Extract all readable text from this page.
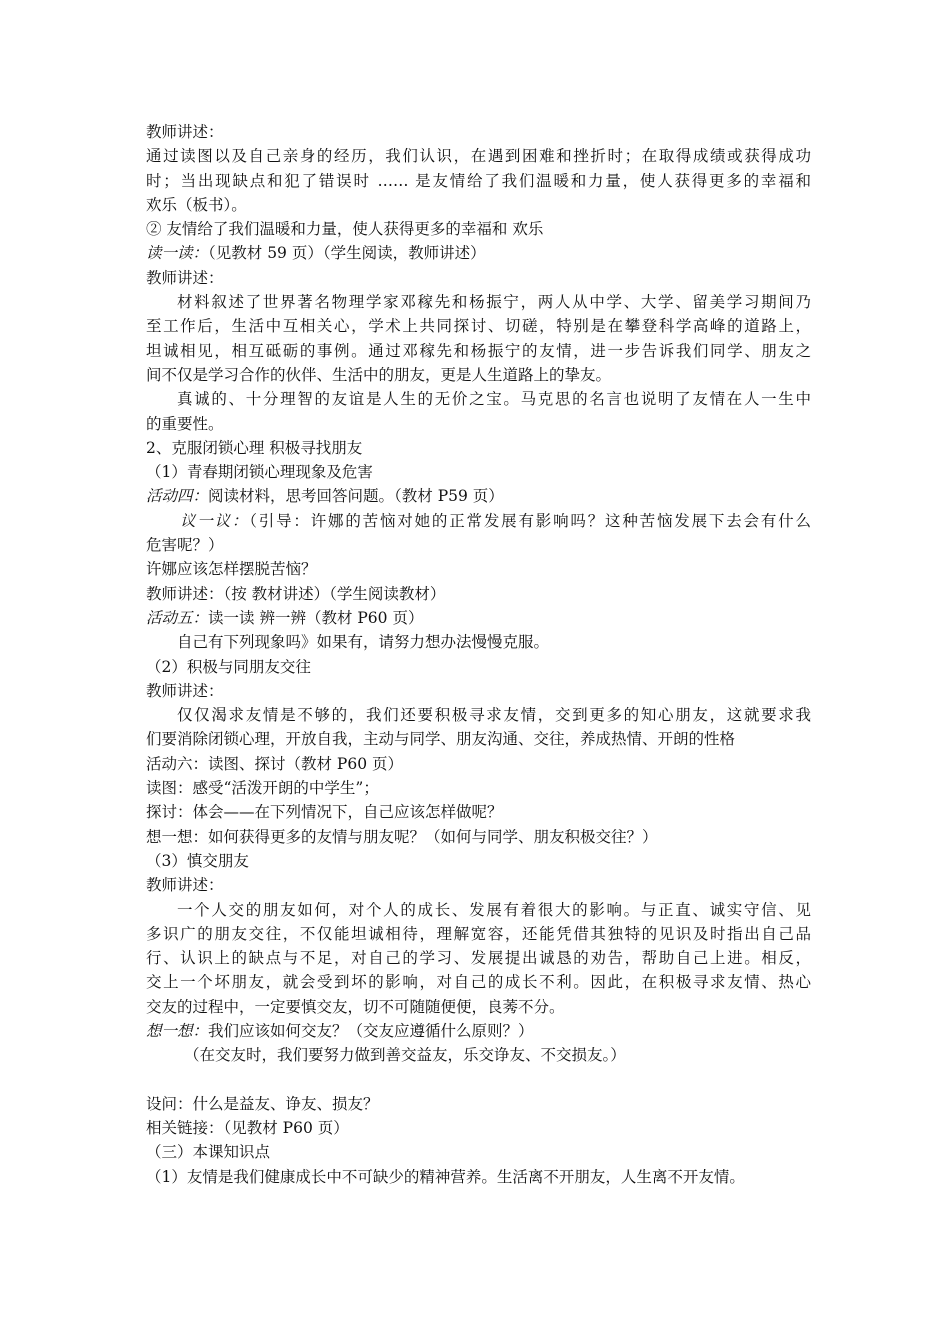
教师讲述：
通过读图以及自己亲身的经历，我们认识，在遇到困难和挫折时；在取得成绩或获得成功
时；当出现缺点和犯了错误时 …… 是友情给了我们温暖和力量，使人获得更多的幸福和
欢乐（板书）。
② 友情给了我们温暖和力量，使人获得更多的幸福和 欢乐
读一读：（见教材 59 页）（学生阅读，教师讲述）
教师讲述：
材料叙述了世界著名物理学家邓稼先和杨振宁，两人从中学、大学、留美学习期间乃
至工作后，生活中互相关心，学术上共同探讨、切磋，特别是在攀登科学高峰的道路上，
坦诚相见，相互砥砺的事例。通过邓稼先和杨振宁的友情，进一步告诉我们同学、朋友之
间不仅是学习合作的伙伴、生活中的朋友，更是人生道路上的挚友。
真诚的、十分理智的友谊是人生的无价之宝。马克思的名言也说明了友情在人一生中
的重要性。
2、克服闭锁心理 积极寻找朋友
（1）青春期闭锁心理现象及危害
活动四：阅读材料，思考回答问题。（教材 P59 页）
议一议：（引导：许娜的苦恼对她的正常发展有影响吗？这种苦恼发展下去会有什么
危害呢？）
许娜应该怎样摆脱苦恼？
教师讲述：（按 教材讲述）（学生阅读教材）
活动五：读一读 辨一辨（教材 P60 页）
自己有下列现象吗》如果有，请努力想办法慢慢克服。
（2）积极与同朋友交往
教师讲述：
仅仅渴求友情是不够的，我们还要积极寻求友情，交到更多的知心朋友，这就要求我
们要消除闭锁心理，开放自我，主动与同学、朋友沟通、交往，养成热情、开朗的性格
活动六：读图、探讨（教材 P60 页）
读图：感受“活泼开朗的中学生”；
探讨：体会——在下列情况下，自己应该怎样做呢？
想一想：如何获得更多的友情与朋友呢？（如何与同学、朋友积极交往？）
（3）慎交朋友
教师讲述：
一个人交的朋友如何，对个人的成长、发展有着很大的影响。与正直、诚实守信、见
多识广的朋友交往，不仅能坦诚相待，理解宽容，还能凭借其独特的见识及时指出自己品
行、认识上的缺点与不足，对自己的学习、发展提出诚恳的劝告，帮助自己上进。相反，
交上一个坏朋友，就会受到坏的影响，对自己的成长不利。因此，在积极寻求友情、热心
交友的过程中，一定要慎交友，切不可随随便便，良莠不分。
想一想：我们应该如何交友？（交友应遵循什么原则？）
（在交友时，我们要努力做到善交益友，乐交诤友、不交损友。）
设问：什么是益友、诤友、损友？
相关链接：（见教材 P60 页）
（三）本课知识点
（1）友情是我们健康成长中不可缺少的精神营养。生活离不开朋友，人生离不开友情。
